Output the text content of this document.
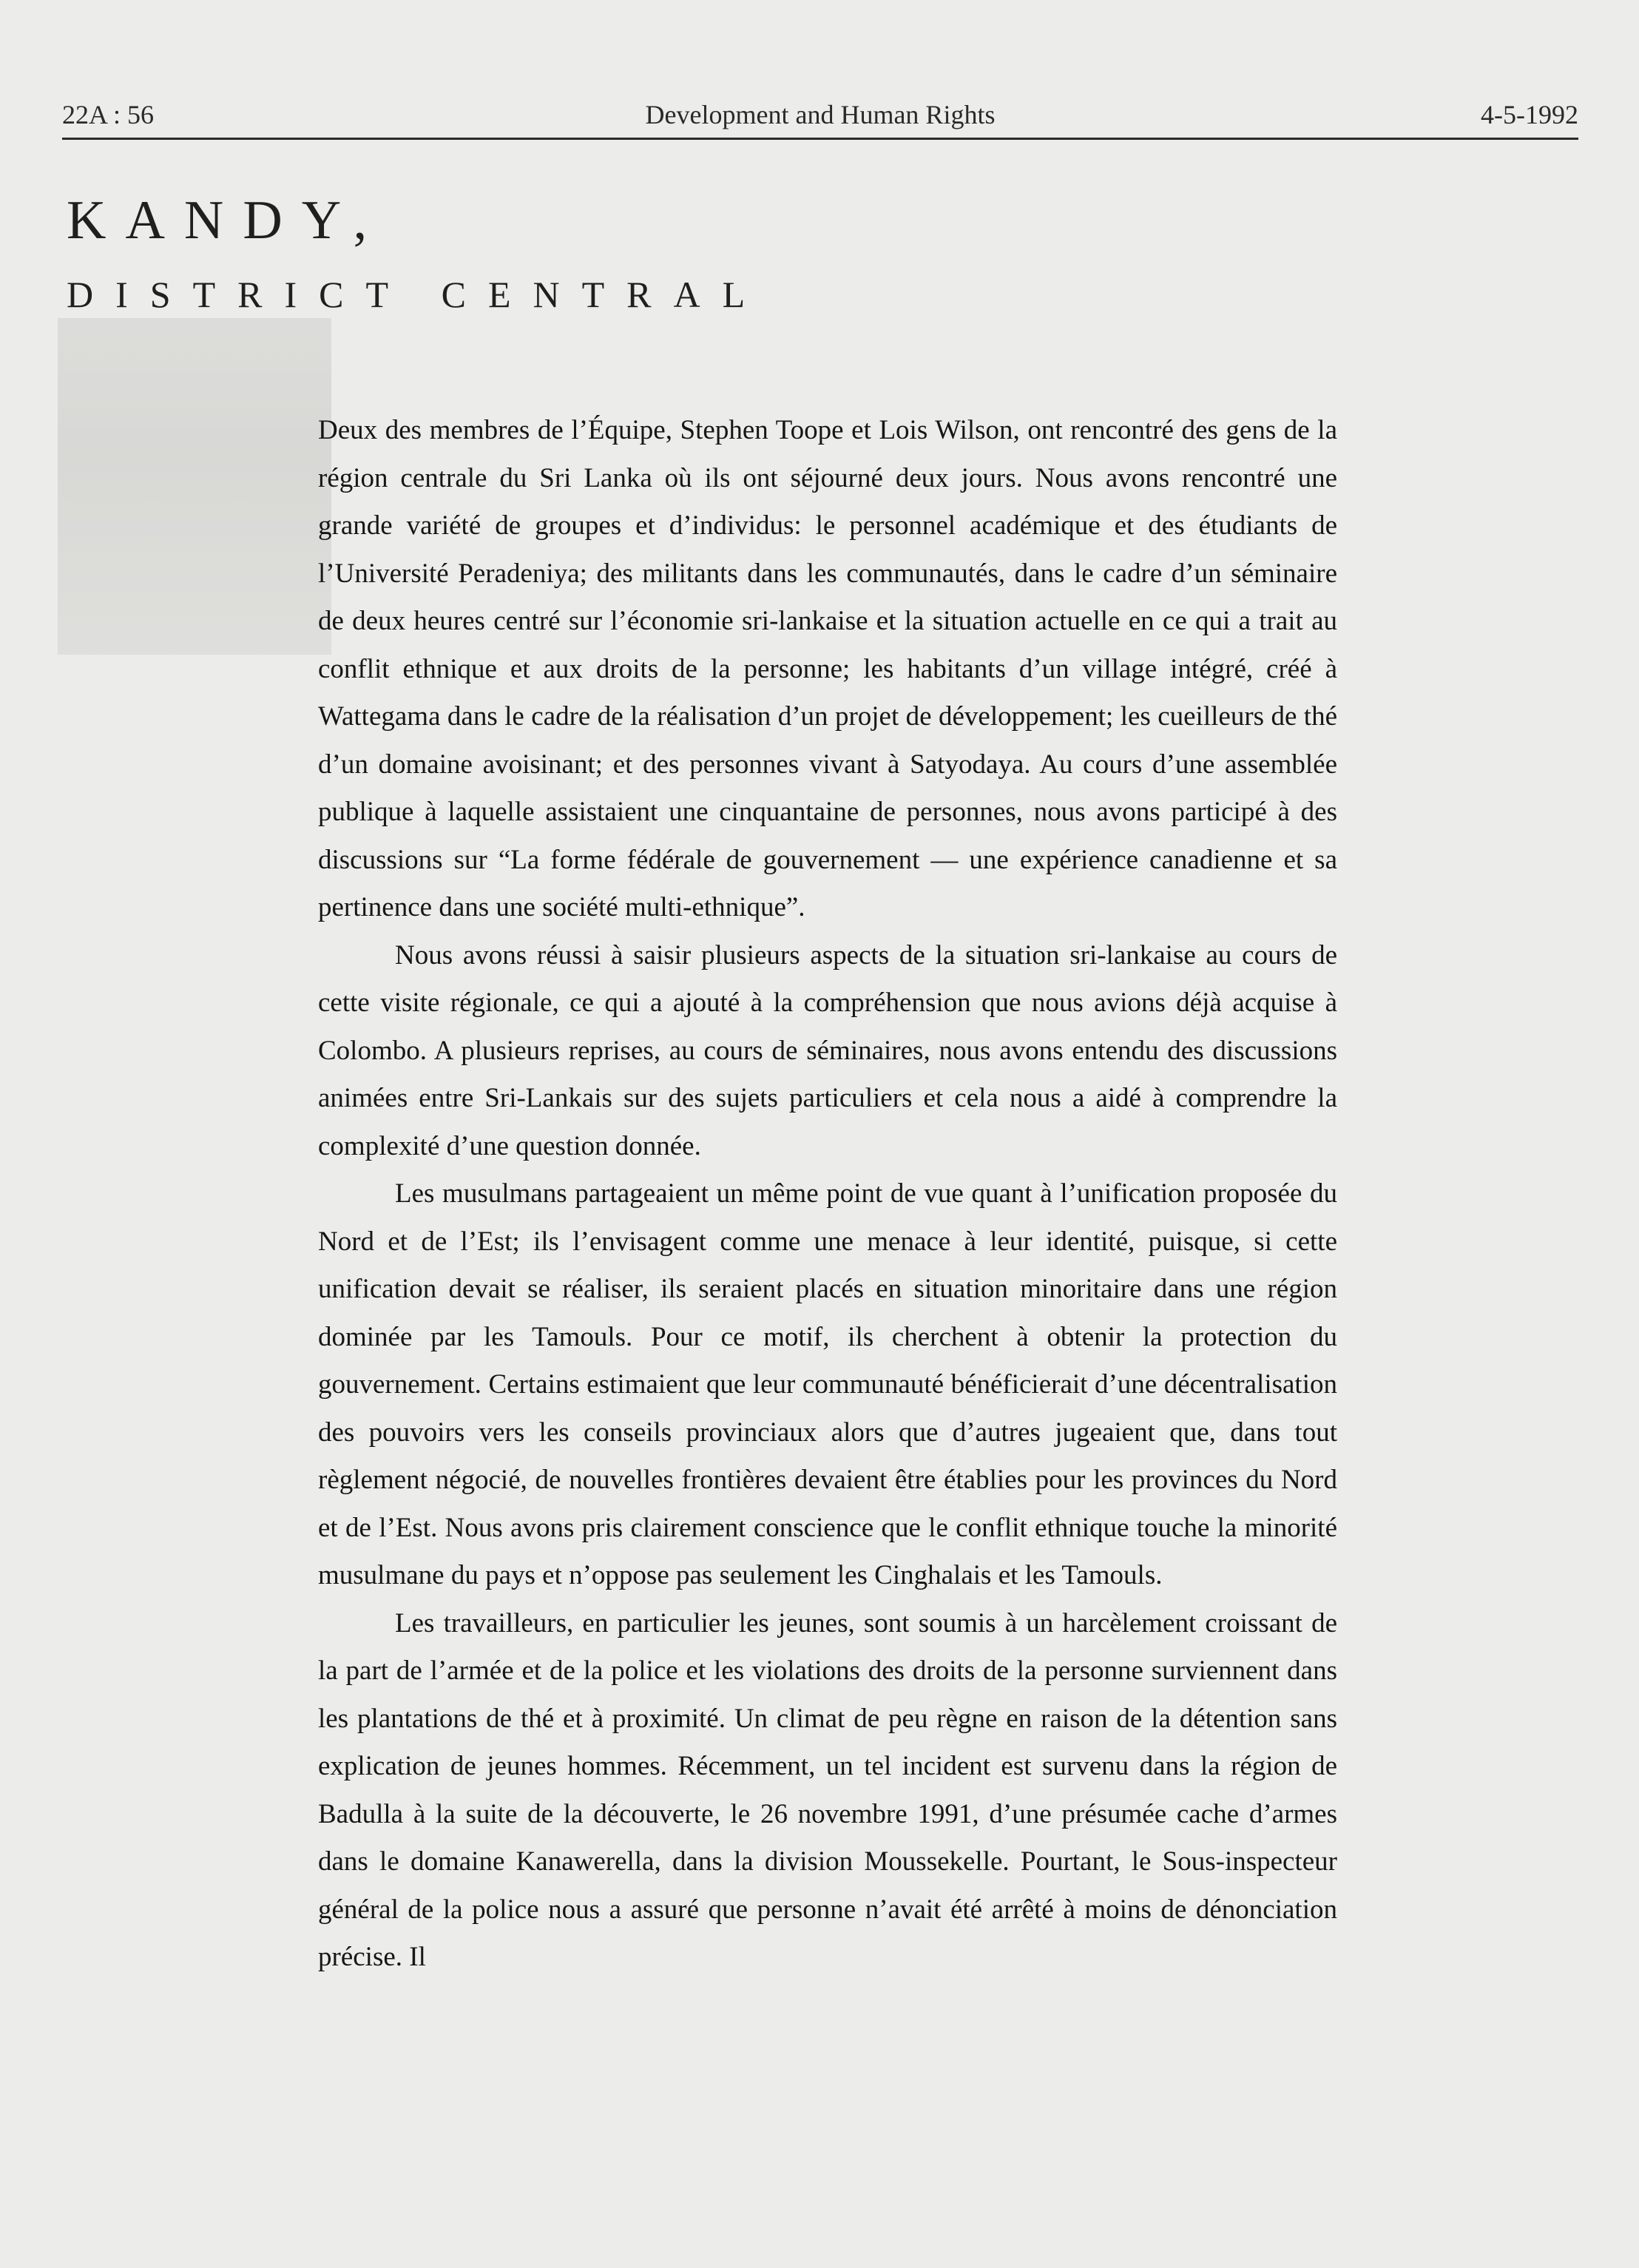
22A : 56	Development and Human Rights	4-5-1992
KANDY,
DISTRICT CENTRAL

Deux des membres de l’Équipe, Stephen Toope et Lois Wilson, ont rencontré des gens de la région centrale du Sri Lanka où ils ont séjourné deux jours. Nous avons rencontré une grande variété de groupes et d’individus: le personnel académique et des étudiants de l’Université Peradeniya; des militants dans les communautés, dans le cadre d’un séminaire de deux heures centré sur l’économie sri-lankaise et la situation actuelle en ce qui a trait au conflit ethnique et aux droits de la personne; les habitants d’un village intégré, créé à Wattegama dans le cadre de la réalisation d’un projet de développement; les cueilleurs de thé d’un domaine avoisinant; et des personnes vivant à Satyodaya. Au cours d’une assemblée publique à laquelle assistaient une cinquantaine de personnes, nous avons participé à des discussions sur “La forme fédérale de gouvernement — une expérience canadienne et sa pertinence dans une société multi-ethnique”.

Nous avons réussi à saisir plusieurs aspects de la situation sri-lankaise au cours de cette visite régionale, ce qui a ajouté à la compréhension que nous avions déjà acquise à Colombo. A plusieurs reprises, au cours de séminaires, nous avons entendu des discussions animées entre Sri-Lankais sur des sujets particuliers et cela nous a aidé à comprendre la complexité d’une question donnée.

Les musulmans partageaient un même point de vue quant à l’unification proposée du Nord et de l’Est; ils l’envisagent comme une menace à leur identité, puisque, si cette unification devait se réaliser, ils seraient placés en situation minoritaire dans une région dominée par les Tamouls. Pour ce motif, ils cherchent à obtenir la protection du gouvernement. Certains estimaient que leur communauté bénéficierait d’une décentralisation des pouvoirs vers les conseils provinciaux alors que d’autres jugeaient que, dans tout règlement négocié, de nouvelles frontières devaient être établies pour les provinces du Nord et de l’Est. Nous avons pris clairement conscience que le conflit ethnique touche la minorité musulmane du pays et n’oppose pas seulement les Cinghalais et les Tamouls.

Les travailleurs, en particulier les jeunes, sont soumis à un harcèlement croissant de la part de l’armée et de la police et les violations des droits de la personne surviennent dans les plantations de thé et à proximité. Un climat de peu règne en raison de la détention sans explication de jeunes hommes. Récemment, un tel incident est survenu dans la région de Badulla à la suite de la découverte, le 26 novembre 1991, d’une présumée cache d’armes dans le domaine Kanawerella, dans la division Moussekelle. Pourtant, le Sous-inspecteur général de la police nous a assuré que personne n’avait été arrêté à moins de dénonciation précise. Il
